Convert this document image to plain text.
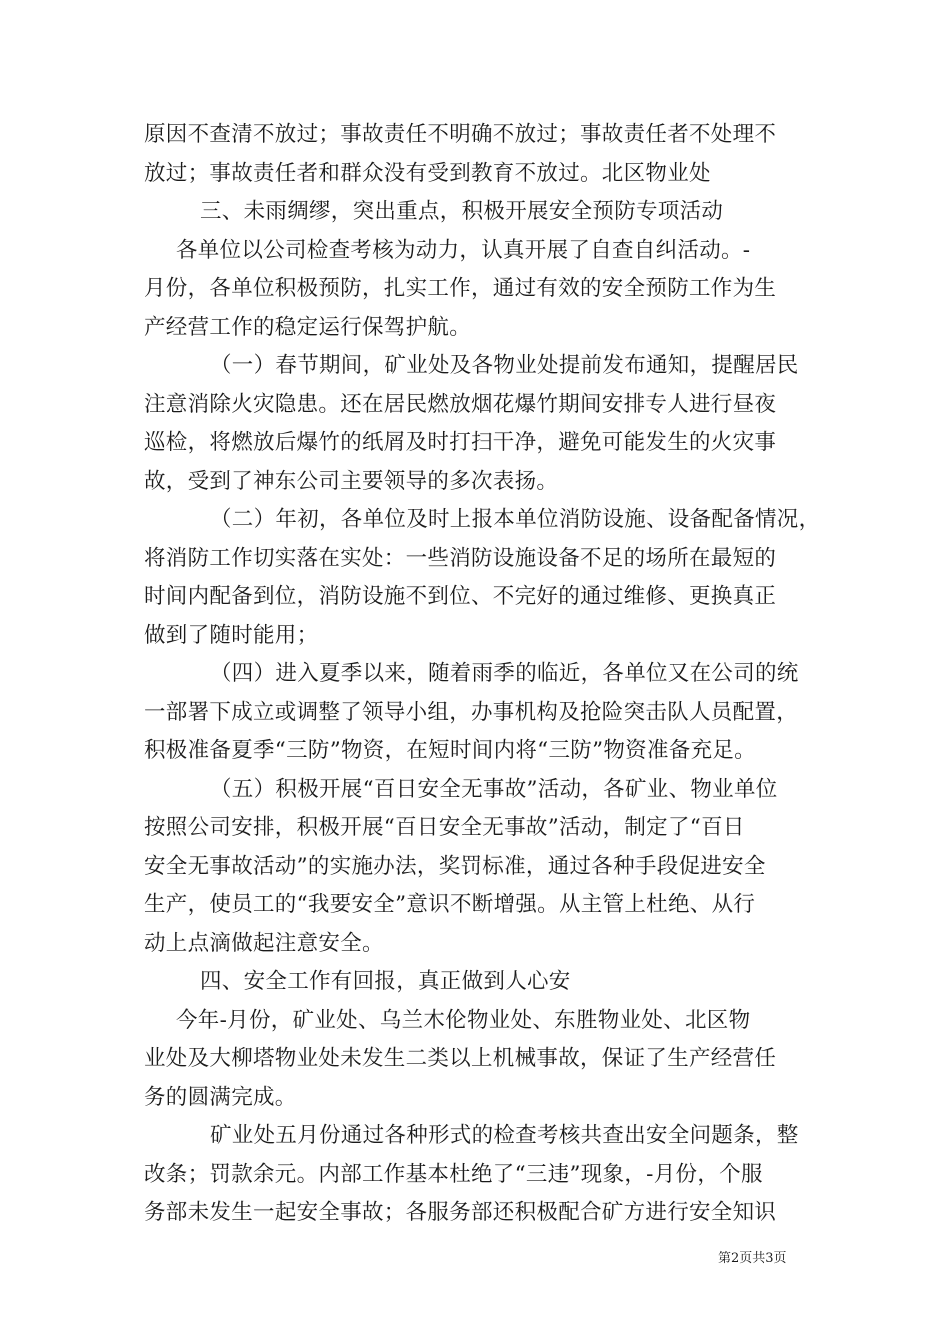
原因不查清不放过；事故责任不明确不放过；事故责任者不处理不
放过；事故责任者和群众没有受到教育不放过。北区物业处
三、未雨绸缪，突出重点，积极开展安全预防专项活动
各单位以公司检查考核为动力，认真开展了自查自纠活动。-
月份，各单位积极预防，扎实工作，通过有效的安全预防工作为生
产经营工作的稳定运行保驾护航。
（一）春节期间，矿业处及各物业处提前发布通知，提醒居民
注意消除火灾隐患。还在居民燃放烟花爆竹期间安排专人进行昼夜
巡检，将燃放后爆竹的纸屑及时打扫干净，避免可能发生的火灾事
故，受到了神东公司主要领导的多次表扬。
（二）年初，各单位及时上报本单位消防设施、设备配备情况，
将消防工作切实落在实处：一些消防设施设备不足的场所在最短的
时间内配备到位，消防设施不到位、不完好的通过维修、更换真正
做到了随时能用；
（四）进入夏季以来，随着雨季的临近，各单位又在公司的统
一部署下成立或调整了领导小组，办事机构及抢险突击队人员配置，
积极准备夏季“三防”物资，在短时间内将“三防”物资准备充足。
（五）积极开展“百日安全无事故”活动，各矿业、物业单位
按照公司安排，积极开展“百日安全无事故”活动，制定了“百日
安全无事故活动”的实施办法，奖罚标准，通过各种手段促进安全
生产，使员工的“我要安全”意识不断增强。从主管上杜绝、从行
动上点滴做起注意安全。
四、安全工作有回报，真正做到人心安
今年-月份，矿业处、乌兰木伦物业处、东胜物业处、北区物
业处及大柳塔物业处未发生二类以上机械事故，保证了生产经营任
务的圆满完成。
矿业处五月份通过各种形式的检查考核共查出安全问题条，整
改条；罚款余元。内部工作基本杜绝了“三违”现象，-月份，个服
务部未发生一起安全事故；各服务部还积极配合矿方进行安全知识
第2页共3页
